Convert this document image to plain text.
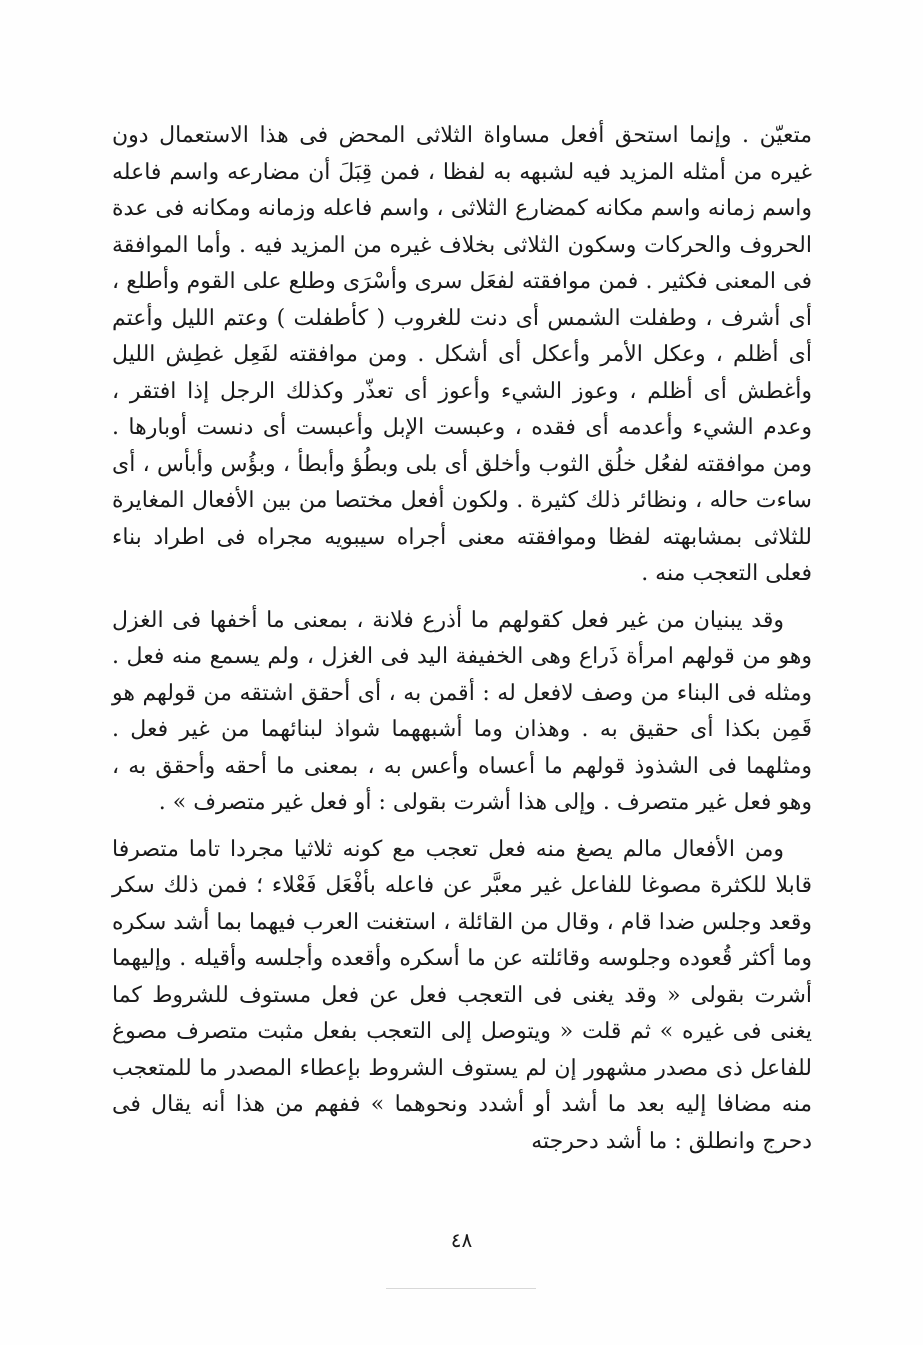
متعيّن . وإنما استحق أفعل مساواة الثلاثى المحض فى هذا الاستعمال دون غيره من أمثله المزيد فيه لشبهه به لفظا ، فمن قِبَلَ أن مضارعه واسم فاعله واسم زمانه واسم مكانه كمضارع الثلاثى ، واسم فاعله وزمانه ومكانه فى عدة الحروف والحركات وسكون الثلاثى بخلاف غيره من المزيد فيه . وأما الموافقة فى المعنى فكثير . فمن موافقته لفعَل سرى وأسْرَى وطلع على القوم وأطلع ، أى أشرف ، وطفلت الشمس أى دنت للغروب ( كأطفلت ) وعتم الليل وأعتم أى أظلم ، وعكل الأمر وأعكل أى أشكل . ومن موافقته لفَعِل غطِش الليل وأغطش أى أظلم ، وعوز الشيء وأعوز أى تعذّر وكذلك الرجل إذا افتقر ، وعدم الشيء وأعدمه أى فقده ، وعبست الإبل وأعبست أى دنست أوبارها . ومن موافقته لفعُل خلُق الثوب وأخلق أى بلى وبطُؤ وأبطأ ، وبؤُس وأبأس ، أى ساءت حاله ، ونظائر ذلك كثيرة . ولكون أفعل مختصا من بين الأفعال المغايرة للثلاثى بمشابهته لفظا وموافقته معنى أجراه سيبويه مجراه فى اطراد بناء فعلى التعجب منه .

وقد يبنيان من غير فعل كقولهم ما أذرع فلانة ، بمعنى ما أخفها فى الغزل وهو من قولهم امرأة ذَراع وهى الخفيفة اليد فى الغزل ، ولم يسمع منه فعل . ومثله فى البناء من وصف لافعل له : أقمن به ، أى أحقق اشتقه من قولهم هو قَمِن بكذا أى حقيق به . وهذان وما أشبههما شواذ لبنائهما من غير فعل . ومثلهما فى الشذوذ قولهم ما أعساه وأعس به ، بمعنى ما أحقه وأحقق به ، وهو فعل غير متصرف . وإلى هذا أشرت بقولى : أو فعل غير متصرف » .

ومن الأفعال مالم يصغ منه فعل تعجب مع كونه ثلاثيا مجردا تاما متصرفا قابلا للكثرة مصوغا للفاعل غير معبَّر عن فاعله بأفْعَل فَعْلاء ؛ فمن ذلك سكر وقعد وجلس ضدا قام ، وقال من القائلة ، استغنت العرب فيهما بما أشد سكره وما أكثر قُعوده وجلوسه وقائلته عن ما أسكره وأقعده وأجلسه وأقيله . وإليهما أشرت بقولى « وقد يغنى فى التعجب فعل عن فعل مستوف للشروط كما يغنى فى غيره » ثم قلت « ويتوصل إلى التعجب بفعل مثبت متصرف مصوغ للفاعل ذى مصدر مشهور إن لم يستوف الشروط بإعطاء المصدر ما للمتعجب منه مضافا إليه بعد ما أشد أو أشدد ونحوهما » ففهم من هذا أنه يقال فى دحرج وانطلق : ما أشد دحرجته

٤٨
